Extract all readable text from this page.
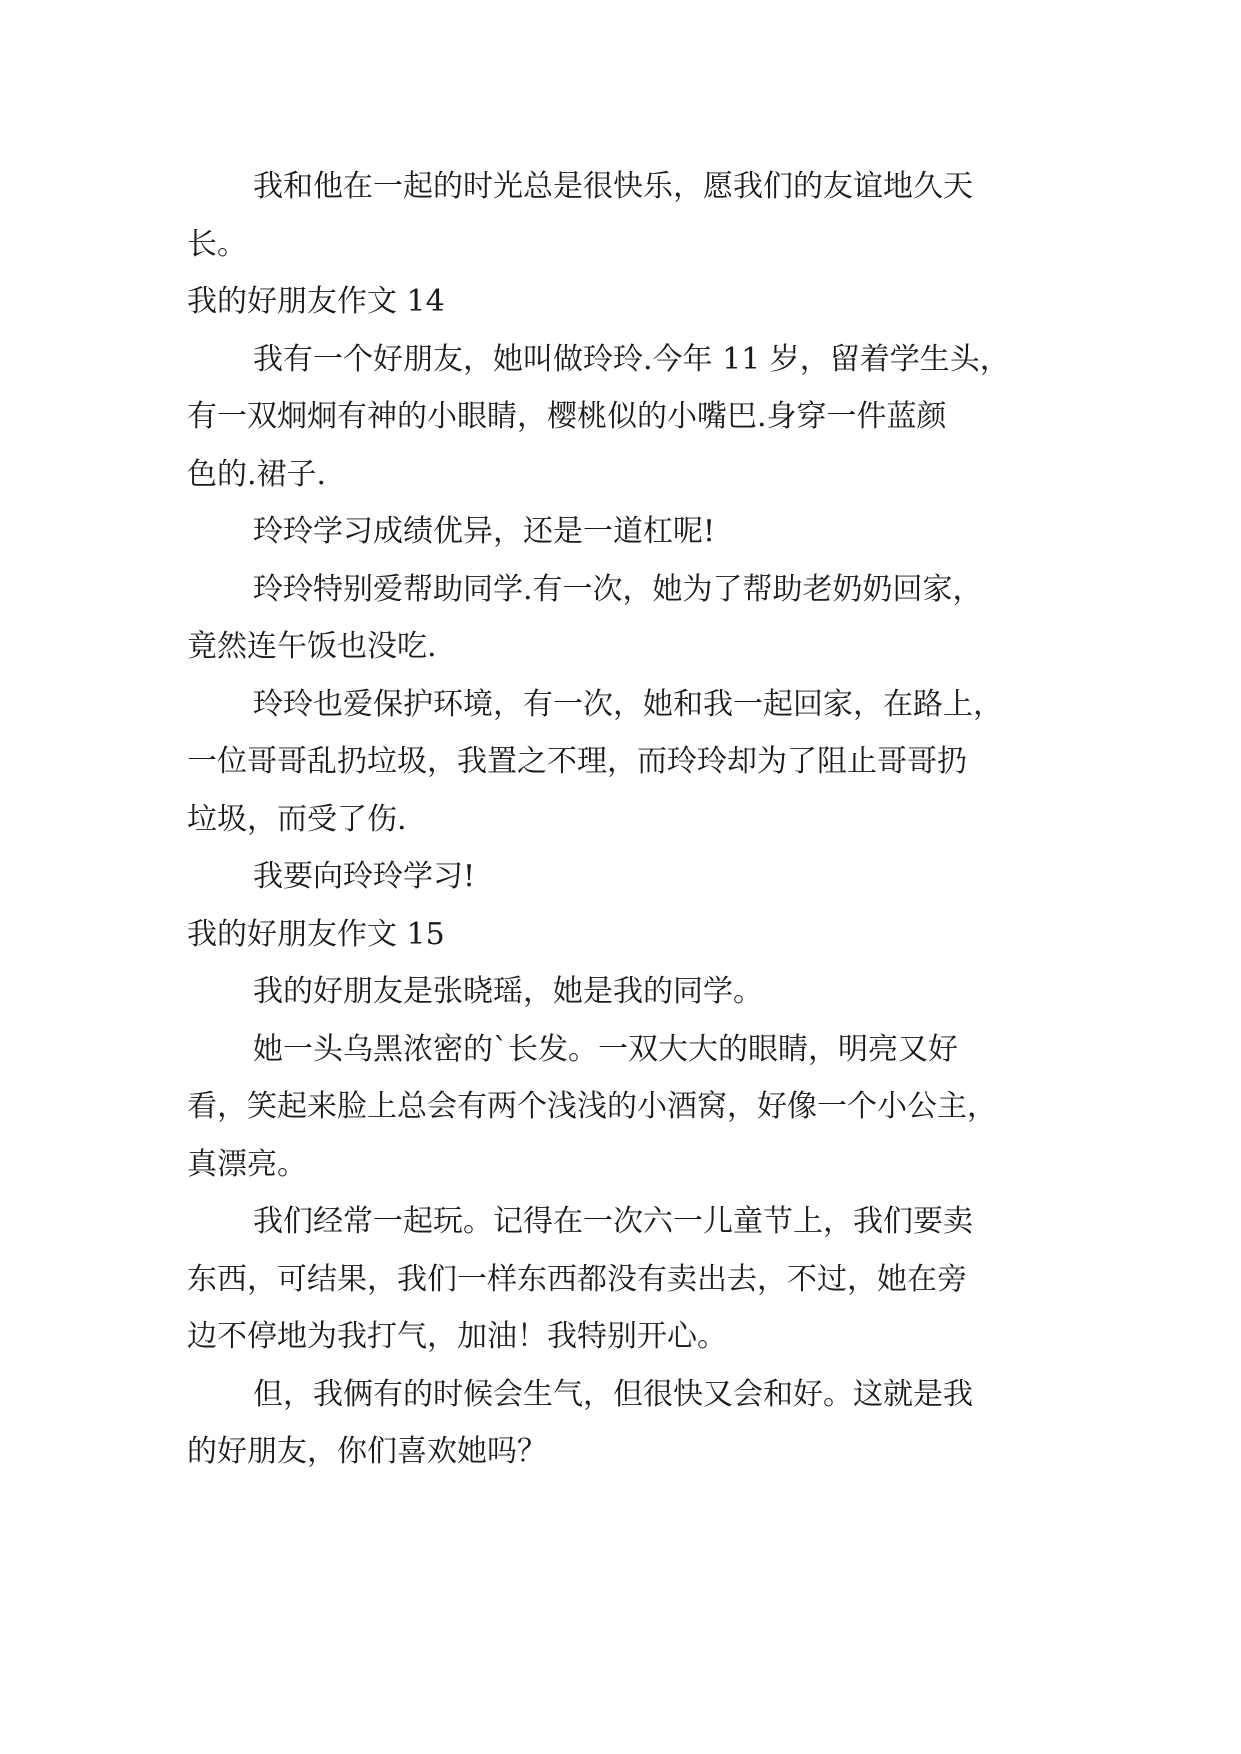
我和他在一起的时光总是很快乐，愿我们的友谊地久天
长。
我的好朋友作文 14
我有一个好朋友，她叫做玲玲.今年 11 岁，留着学生头，
有一双炯炯有神的小眼睛，樱桃似的小嘴巴.身穿一件蓝颜
色的.裙子.
玲玲学习成绩优异，还是一道杠呢!
玲玲特别爱帮助同学.有一次，她为了帮助老奶奶回家，
竟然连午饭也没吃.
玲玲也爱保护环境，有一次，她和我一起回家，在路上，
一位哥哥乱扔垃圾，我置之不理，而玲玲却为了阻止哥哥扔
垃圾，而受了伤.
我要向玲玲学习!
我的好朋友作文 15
我的好朋友是张晓瑶，她是我的同学。
她一头乌黑浓密的`长发。一双大大的眼睛，明亮又好
看，笑起来脸上总会有两个浅浅的小酒窝，好像一个小公主，
真漂亮。
我们经常一起玩。记得在一次六一儿童节上，我们要卖
东西，可结果，我们一样东西都没有卖出去，不过，她在旁
边不停地为我打气，加油！我特别开心。
但，我俩有的时候会生气，但很快又会和好。这就是我
的好朋友，你们喜欢她吗？
